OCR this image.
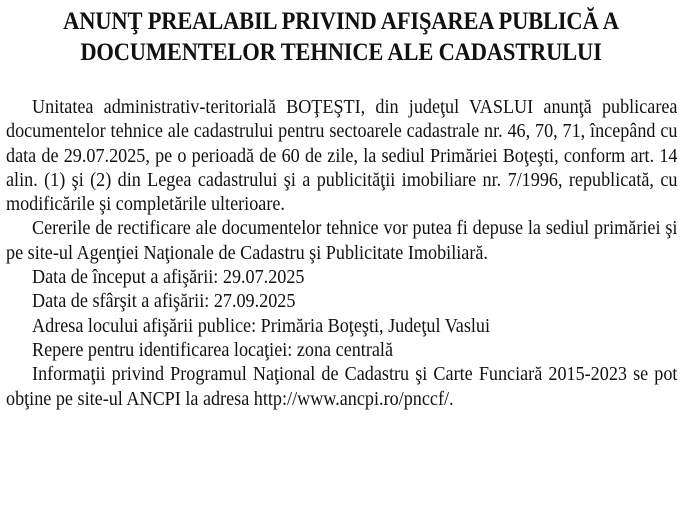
ANUNŢ PREALABIL PRIVIND AFIŞAREA PUBLICĂ A
DOCUMENTELOR TEHNICE ALE CADASTRULUI

Unitatea administrativ-teritorială BOŢEŞTI, din judeţul VASLUI anunţă publicarea documentelor tehnice ale cadastrului pentru sectoarele cadastrale nr. 46, 70, 71, începând cu data de 29.07.2025, pe o perioadă de 60 de zile, la sediul Primăriei Boţeşti, conform art. 14 alin. (1) şi (2) din Legea cadastrului şi a publicităţii imobiliare nr. 7/1996, republicată, cu modificările şi completările ulterioare.

Cererile de rectificare ale documentelor tehnice vor putea fi depuse la sediul primăriei şi pe site-ul Agenţiei Naţionale de Cadastru şi Publicitate Imobiliară.

Data de început a afişării: 29.07.2025

Data de sfârşit a afişării: 27.09.2025

Adresa locului afişării publice: Primăria Boţeşti, Judeţul Vaslui

Repere pentru identificarea locaţiei: zona centrală

Informaţii privind Programul Naţional de Cadastru şi Carte Funciară 2015-2023 se pot obţine pe site-ul ANCPI la adresa http://www.ancpi.ro/pnccf/.
